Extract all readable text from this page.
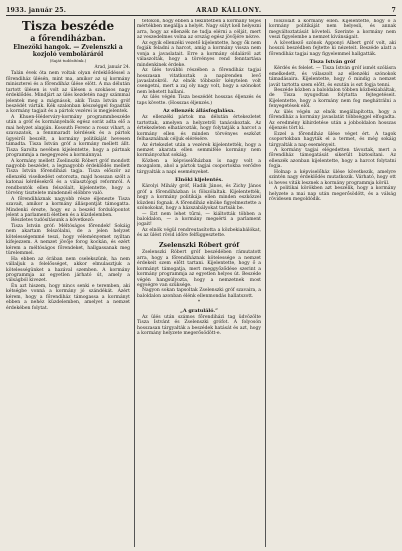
1933. január 25.	ARAD KÁLLONY.	7
Tisza beszéde
a főrendiházban.
Elnezöki hangok. — Zvelenszki a kozjoló vemboláráról
(Saját tudósítónk.)
Arad, január 24.

Talán évek óta nem voltak olyan érdeklődéssel a főrendiház ülésén, mint ma, amikor az uj kormány miniszterei és a főrendiház ülése elött. A ma délután tartott ülésen is volt az ülésen a szokásos nagy érdeklődés. Mindjárt az ülés kezdetén nagy számmal jelentek meg a mágnások, akik Tisza István gróf beszédét várták. Kék szalonban készséggel fogadták a kormány tagjait és a pártok vezérei is megjelentek.

A Khuen-Héderváry-kormány programmbeszéde után a gróf és kormányelnök egész sorát adta elő a mai helyzet alapján. Kossuth Ferenc a rossz vihart, a szavazatok, a fennmaradt kérdések és a pártok ügyeiről beszélt, a kormány politikáját hevesen támadta. Tisza István gróf a kormány mellett állt. Tisza Sarolta nevében kijelentette, hogy a pártnak programmja a megegyezés a kormánnyal.

A kormány mellett Zselinszki Róbert gróf mondott nagyobb beszédet, a legnagyobb érdeklődés mellett Tisza István főrendiházi tagja. Tisza először az ellenzéki viselkedést ostorozta, majd hosszan szólt a katonai kérdésekről és a választójogi reformról. A rendbontók ellen felszólalt, kijelentette, hogy a törvény tisztelete mindennél elöbbre való.

A főrendiháznak nagyobb része éljenezte Tisza szavait, amikor a kormány álláspontját támogatta. Mindenki érezte, hogy ez a beszéd fordulópontot jelent a parlamenti életben és a küzdelemben.

Részletes tudósításunk a következő:

Tisza István gróf: Méltóságos főrendek! Sokáig nem akartam felszólalni, de a jelen helyzet kötelességemmé teszi, hogy véleményemet nyíltan kifejezzem. A nemzet jövője forog kockán, és ezért kérem a méltóságos főrendeket, hallgassanak meg türelemmel.

Ha ebben az órában nem cselekszünk, ha nem vállaljuk a felelősséget, akkor elmulasztjuk a kötelességünket a hazával szemben. A kormány programmja az egyetlen járható út, amely a válságból kivezet.

Én azt hiszem, hogy nincs senki e teremben, aki kétségbe vonná a kormány jó szándékát. Azért kérem, hogy a főrendiház támogassa a kormányt ebben a nehéz küzdelemben, amelyet a nemzet érdekében folytat.

tetőkön, hogy ebben a tekintetben a kormány teljes mértékben megállja a helyét. Nagy súlyt kell helyezni arra, hogy az ellenzék ne tudja elérni a célját, mert az veszedelmes volna az ország egész jövőjére nézve.

Az egyik ellenzéki vezető kijelentette, hogy ők nem fogják feladni a harcot, amíg a kormány vissza nem vonja a javaslatait. Erre a kormány oldaláról azt válaszolták, hogy a törvényes rend fenntartása mindenkinek érdeke.

Az ülés további részében a főrendiház tagjai hosszasan vitatkoztak a napirenden levő javaslatokról. Az elnök többször kénytelen volt csengetni, mert a zaj oly nagy volt, hogy a szónokot nem lehetett hallani.

Az ülés végén Tisza beszédét hosszas éljenzés és taps követte. (Hosszas éljenzés.)

Az ellenzék állásfoglalása.

Az ellenzéki pártok ma délután értekezletet tartottak, amelyen a helyzetről tanácskoztak. Az értekezleten elhatározták, hogy folytatják a harcot a kormány ellen és minden törvényes eszközt felhasználnak céljuk elérésére.

Az értekezlet után a vezérek kijelentették, hogy a nemzet akarata ellen semmiféle kormány nem kormányozhat sokáig.

Közben a képviselőházban is nagy volt a mozgalom, ahol a pártok tagjai csoportokba verődve tárgyalták a napi eseményeket.

Elnöki kijelentés.

Károlyi Mihály gróf, Hadik János, és Zichy János gróf a főrendiházban is fölszólaltak. Kijelentették, hogy a kormány politikája ellen minden eszközzel küzdeni fognak. A főrendiház elnöke figyelmeztette a szónokokat, hogy a házszabályokat tartsák be.

— Ezt nem lehet tűrni, — kiáltották többen a baloldalon, — a kormány megsérti a parlament jogait!

Az elnök végül rendreutasította a közbekiabálókat, és az ülést rövid időre felfüggesztette.

Zselenszki Róbert gróf

Zselenszki Róbert gróf beszédében rámutatott arra, hogy a főrendiháznak kötelessége a nemzet érdekeit szem előtt tartani. Kijelentette, hogy ő a kormányt támogatja, mert meggyőződése szerint a kormány programmja az egyetlen helyes út. Beszéde végén hangsúlyozta, hogy a nemzetnek most egységre van szüksége.

Nagyon sokan tapsoltak Zselenszki gróf szavaira, a baloldalon azonban élénk ellenmondás hallatszott.

*
„A gratuláló.”

Az ülés után számos főrendiházi tag üdvözölte Tisza Istvánt és Zselenszki grófot. A folyosón hosszasan tárgyalták a beszédek hatását és azt, hogy a kormány helyzete megerősödött-e.

fölszólalt a kormány ellen. Kijelentette, hogy ő a kormány politikáját nem helyesli, és annak megváltoztatását követeli. Szerinte a kormány nem veszi figyelembe a nemzet kívánságait.

A következő szónok Apponyi Albert gróf volt, aki hosszú beszédben fejtette ki nézeteit. Beszéde alatt a főrendiház tagjai nagy figyelemmel hallgatták.

Tisza István gróf

Kérdés és felelet. — Tisza István gróf ismét szólásra emelkedett, és válaszolt az ellenzéki szónokok támadásaira. Kijelentette, hogy ő mindig a nemzet javát tartotta szem előtt, és ezután is ezt fogja tenni.

Beszéde közben a baloldalon többen közbekiabáltak, de Tisza nyugodtan folytatta fejtegetéseit. Kijelentette, hogy a kormány nem fog meghátrálni a fenyegetések elől.

Az ülés végén az elnök megállapította, hogy a főrendiház a kormány javaslatát többséggel elfogadta. Az eredmény kihirdetése után a jobboldalon hosszas éljenzés tört ki.

Ezzel a főrendiház ülése véget ért. A tagok csoportokban hagyták el a termet, és még sokáig tárgyalták a nap eseményeit.

A kormány tagjai elégedetten távoztak, mert a főrendiház támogatását sikerült biztosítani. Az ellenzék azonban kijelentette, hogy a harcot folytatni fogja.

Holnap a képviselőház ülése következik, amelyre szintén nagy érdeklődés mutatkozik. Várható, hogy ott is heves viták lesznek a kormány programmja körül.

A politikai körökben azt beszélik, hogy a kormány helyzete a mai nap után megerősödött, és a válság rövidesen megoldódik.
